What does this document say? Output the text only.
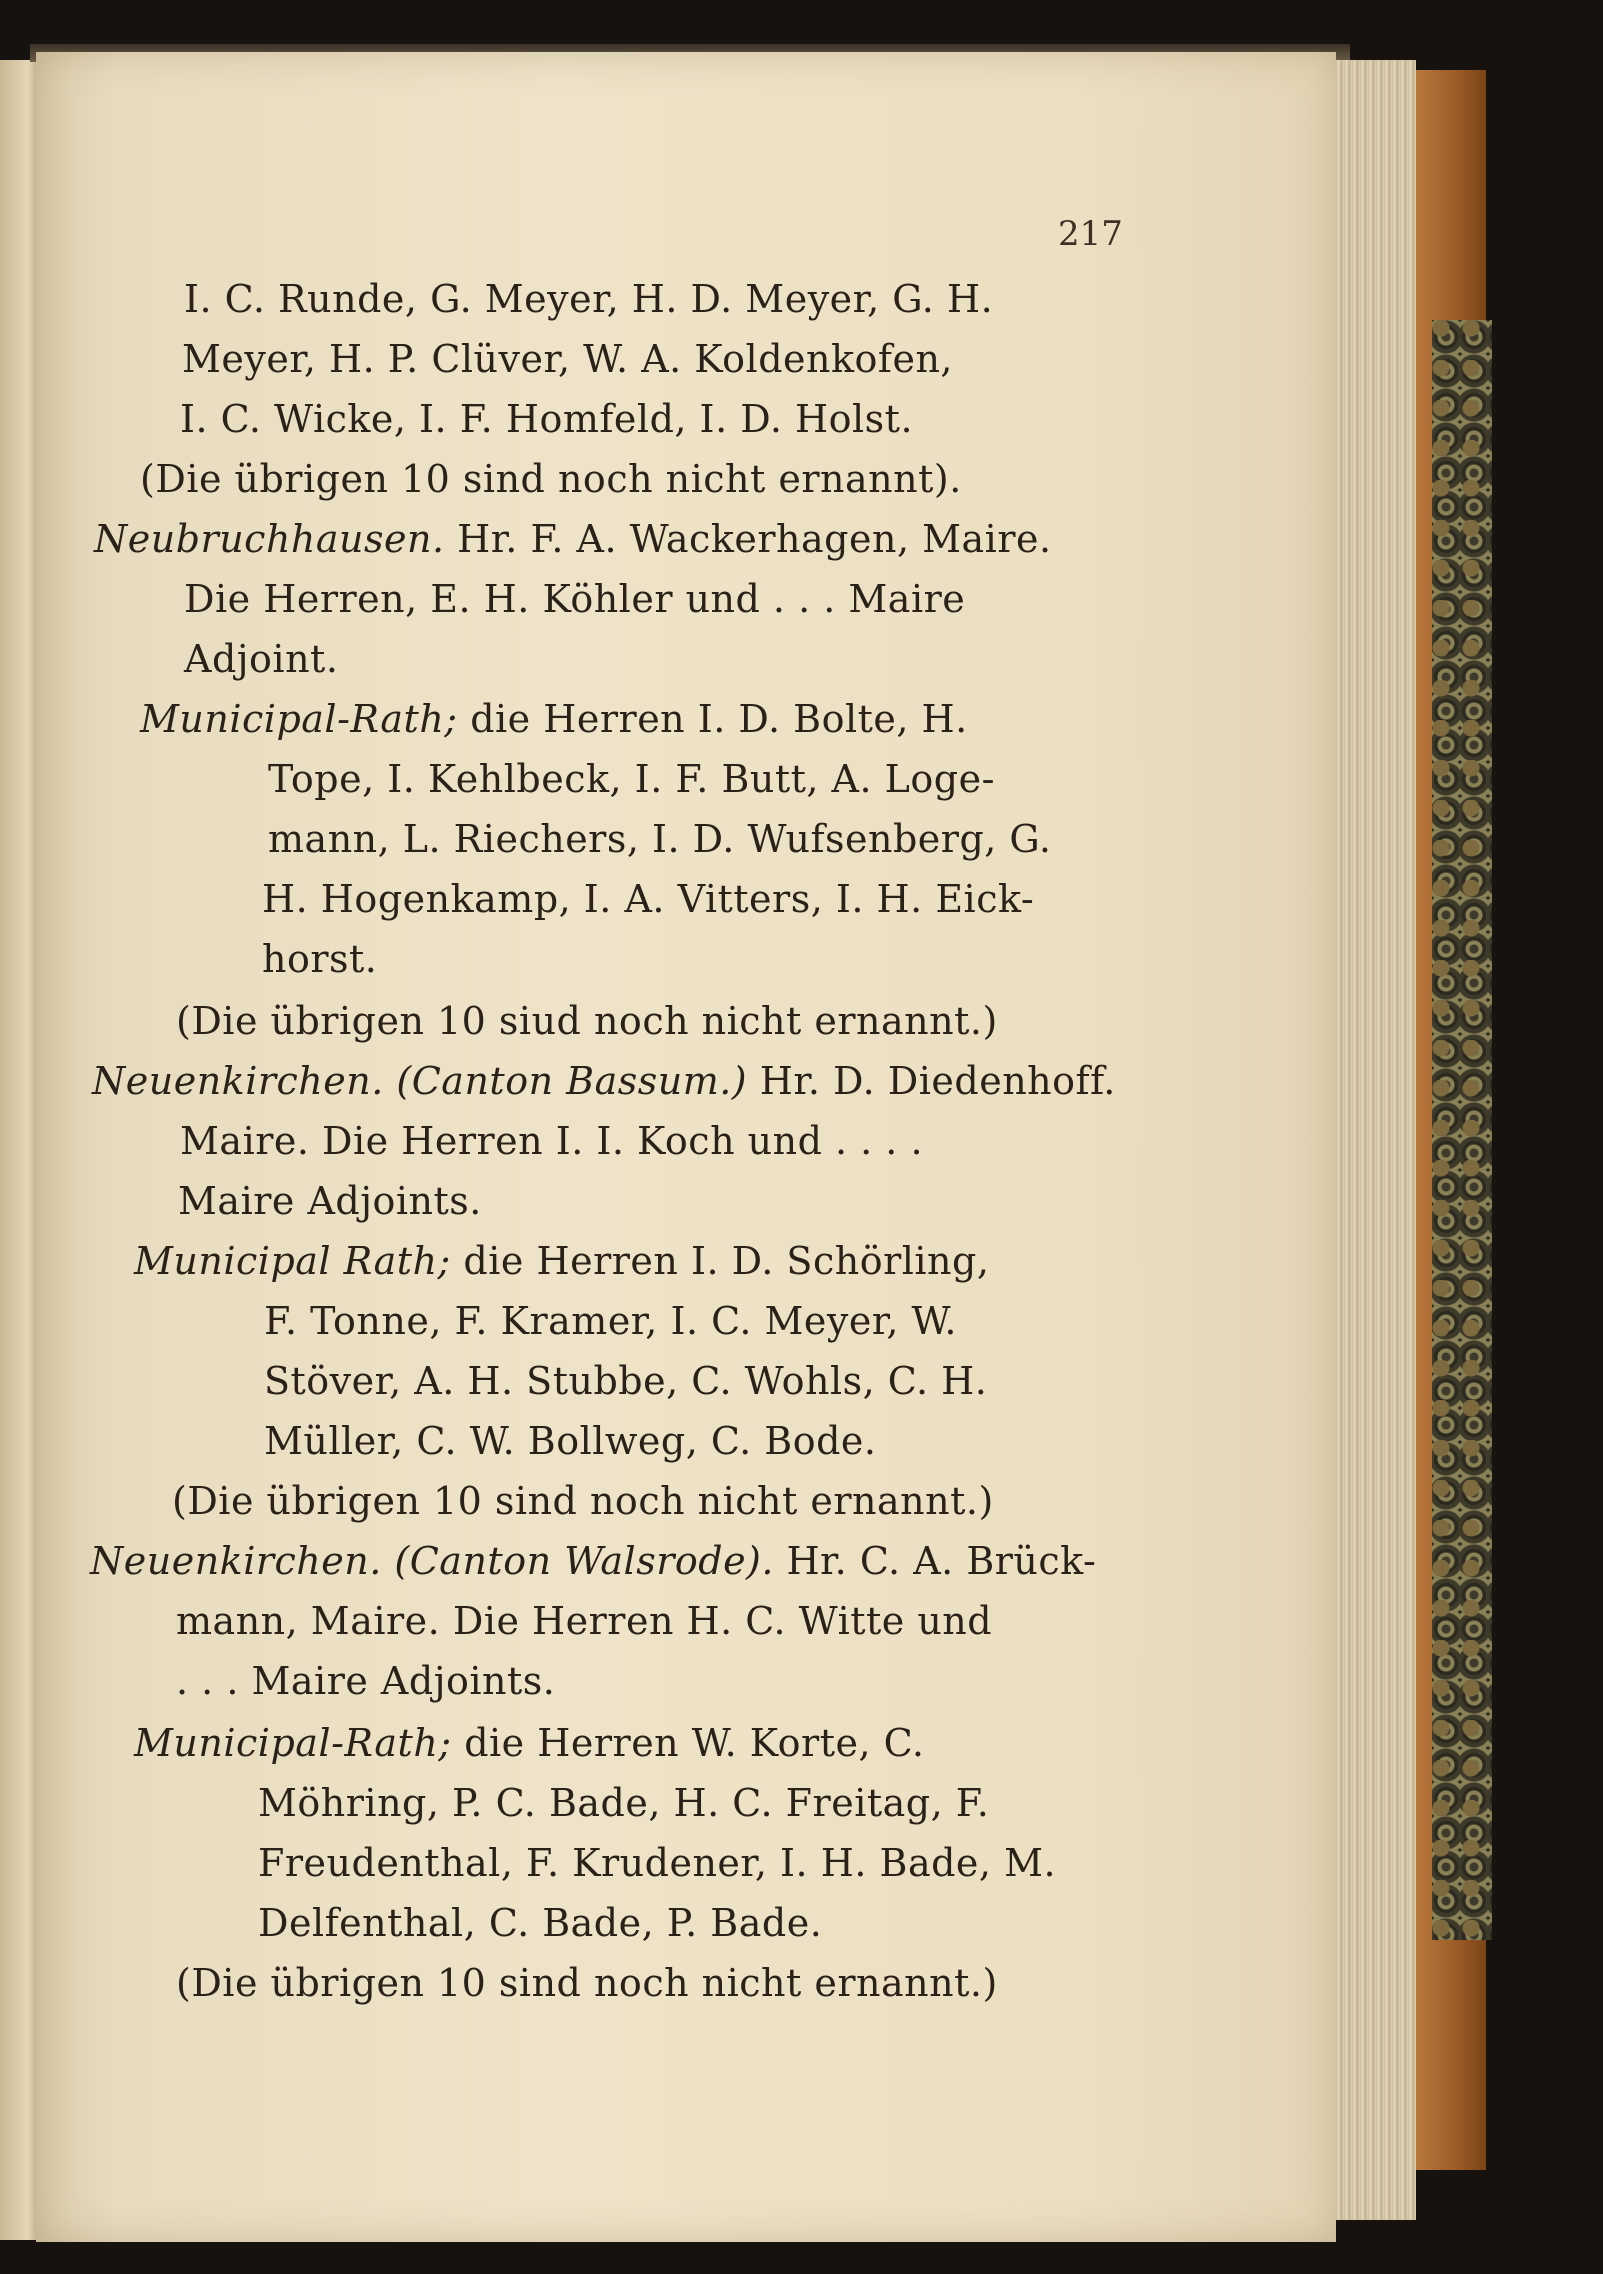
217
I. C. Runde, G. Meyer, H. D. Meyer, G. H.
Meyer, H. P. Clüver, W. A. Koldenkofen,
I. C. Wicke, I. F. Homfeld, I. D. Holst.
(Die übrigen 10 sind noch nicht ernannt).
Neubruchhausen. Hr. F. A. Wackerhagen, Maire.
Die Herren, E. H. Köhler und . . . Maire
Adjoint.
Municipal-Rath; die Herren I. D. Bolte, H.
Tope, I. Kehlbeck, I. F. Butt, A. Loge-
mann, L. Riechers, I. D. Wufsenberg, G.
H. Hogenkamp, I. A. Vitters, I. H. Eick-
horst.
(Die übrigen 10 siud noch nicht ernannt.)
Neuenkirchen. (Canton Bassum.) Hr. D. Diedenhoff.
Maire. Die Herren I. I. Koch und . . . .
Maire Adjoints.
Municipal Rath; die Herren I. D. Schörling,
F. Tonne, F. Kramer, I. C. Meyer, W.
Stöver, A. H. Stubbe, C. Wohls, C. H.
Müller, C. W. Bollweg, C. Bode.
(Die übrigen 10 sind noch nicht ernannt.)
Neuenkirchen. (Canton Walsrode). Hr. C. A. Brück-
mann, Maire. Die Herren H. C. Witte und
. . . Maire Adjoints.
Municipal-Rath; die Herren W. Korte, C.
Möhring, P. C. Bade, H. C. Freitag, F.
Freudenthal, F. Krudener, I. H. Bade, M.
Delfenthal, C. Bade, P. Bade.
(Die übrigen 10 sind noch nicht ernannt.)
